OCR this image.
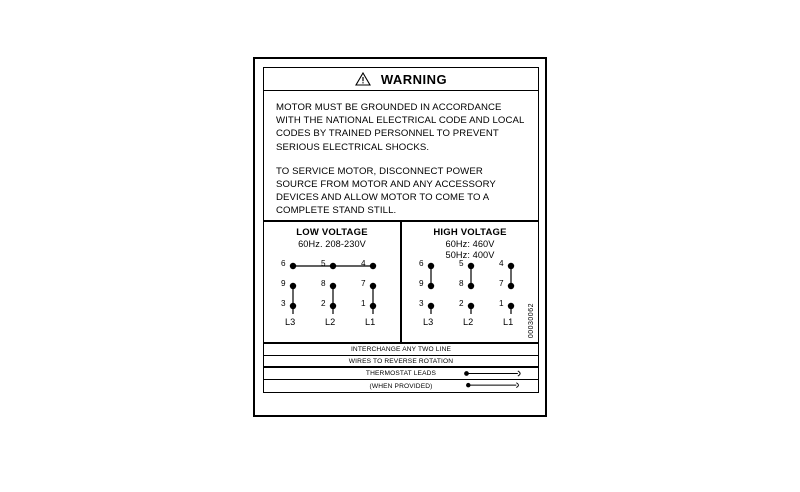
WARNING

MOTOR MUST BE GROUNDED IN ACCORDANCE WITH THE NATIONAL ELECTRICAL CODE AND LOCAL CODES BY TRAINED PERSONNEL TO PREVENT SERIOUS ELECTRICAL SHOCKS.

TO SERVICE MOTOR, DISCONNECT POWER SOURCE FROM MOTOR AND ANY ACCESSORY DEVICES AND ALLOW MOTOR TO COME TO A COMPLETE STAND STILL.

LOW VOLTAGE
60Hz. 208-230V
6	5	4
9	8	7
3	2	1
L3	L2	L1
HIGH VOLTAGE
60Hz: 460V
50Hz: 400V
6	5	4
9	8	7
3	2	1
L3	L2	L1 00030062
INTERCHANGE ANY TWO LINE
WIRES TO REVERSE ROTATION
THERMOSTAT LEADS
(WHEN PROVIDED)
